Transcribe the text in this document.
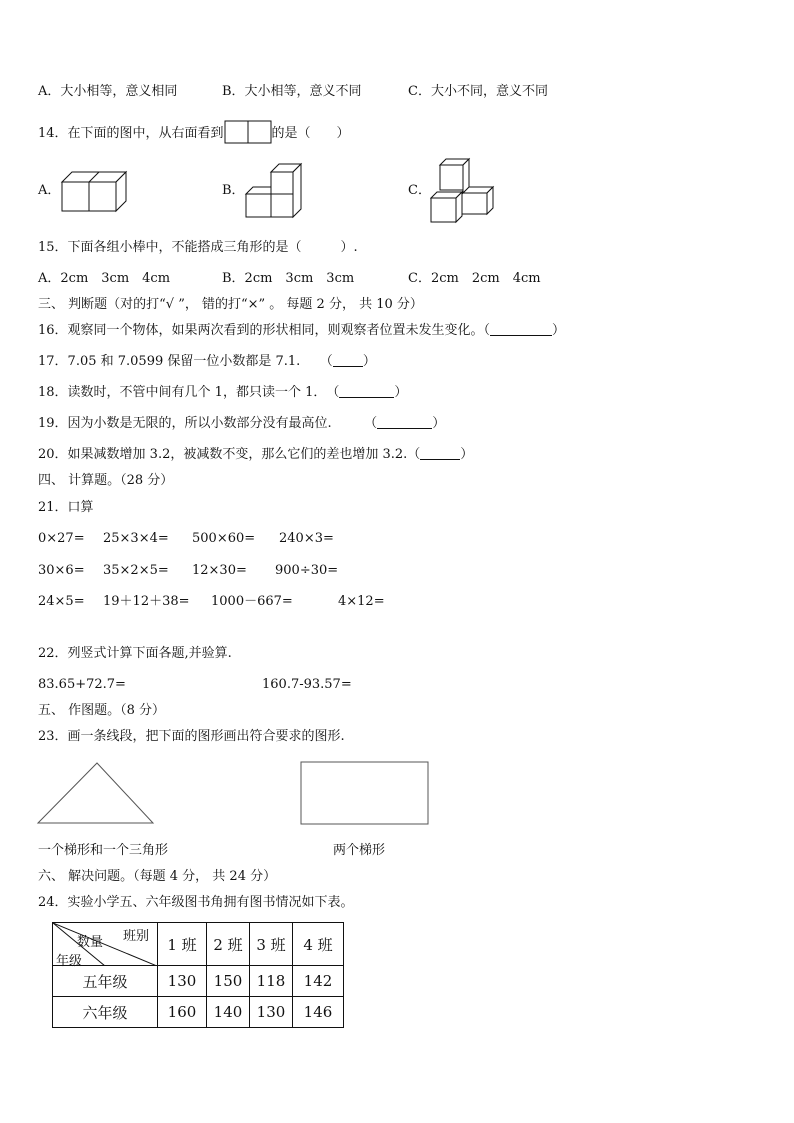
A．大小相等，意义相同	B．大小相等，意义不同	C．大小不同，意义不同
14．在下面的图中，从右面看到	的是（　　）
A．	B．	C．
15．下面各组小棒中，不能搭成三角形的是（　　　）.
A．2cm　3cm　4cm	B．2cm　3cm　3cm	C．2cm　2cm　4cm
三、 判断题（对的打“√ ”， 错的打“×” 。 每题 2 分， 共 10 分）
16．观察同一个物体，如果两次看到的形状相同，则观察者位置未发生变化。（	）
17．7.05 和 7.0599 保留一位小数都是 7.1.　　（ ）
18．读数时，不管中间有几个 1，都只读一个 1．　（	）
19．因为小数是无限的，所以小数部分没有最高位.　　　（	）
20．如果减数增加 3.2，被减数不变，那么它们的差也增加 3.2.（	）
四、 计算题。（28 分）
21．口算
0×27= 25×3×4= 500×60= 240×3=
30×6= 35×2×5= 12×30= 900÷30=
24×5= 19＋12＋38= 1000－667=	4×12=
22．列竖式计算下面各题,并验算.
83.65+72.7=	160.7-93.57=
五、 作图题。（8 分）
23．画一条线段，把下面的图形画出符合要求的图形.
一个梯形和一个三角形	两个梯形
六、 解决问题。（每题 4 分， 共 24 分）
24．实验小学五、六年级图书角拥有图书情况如下表。
班别
数量
年级	1 班	2 班	3 班	4 班
五年级	130	150	118	142
六年级	160	140	130	146
